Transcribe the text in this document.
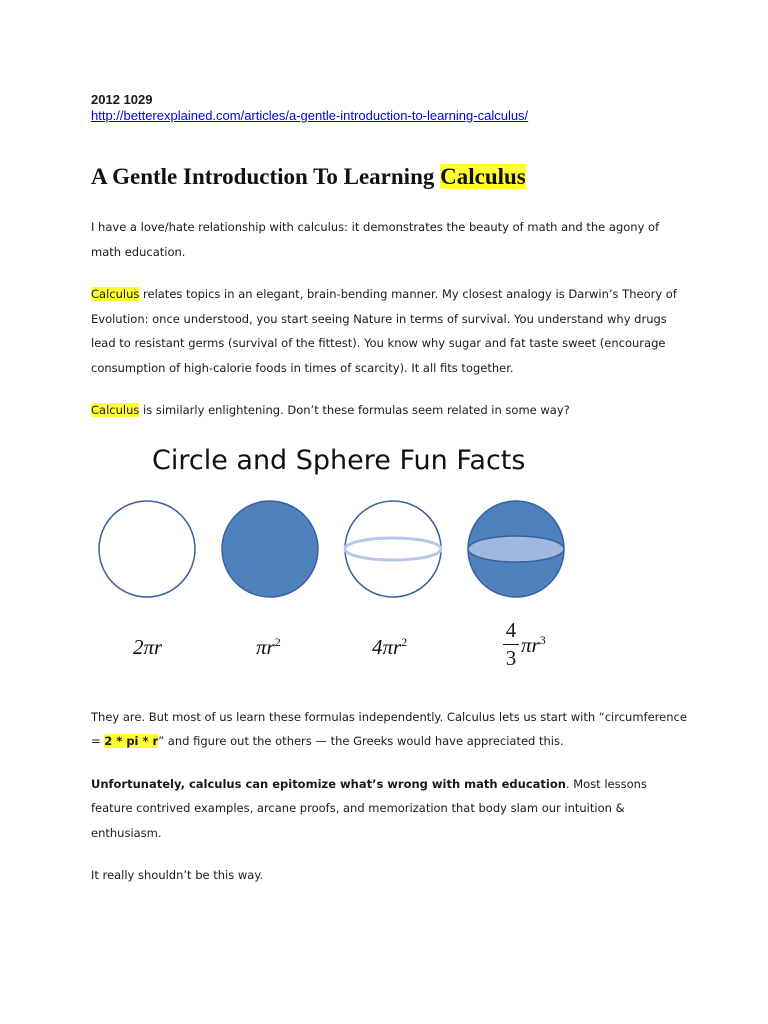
2012 1029
http://betterexplained.com/articles/a-gentle-introduction-to-learning-calculus/
A Gentle Introduction To Learning Calculus

I have a love/hate relationship with calculus: it demonstrates the beauty of math and the agony of math education.

Calculus relates topics in an elegant, brain-bending manner. My closest analogy is Darwin’s Theory of Evolution: once understood, you start seeing Nature in terms of survival. You understand why drugs lead to resistant germs (survival of the fittest). You know why sugar and fat taste sweet (encourage consumption of high-calorie foods in times of scarcity). It all fits together.

Calculus is similarly enlightening. Don’t these formulas seem related in some way?

Circle and Sphere Fun Facts
2πr	$\pi r^2$	$4\pi r^2$	4
3
$\pi r^3$

They are. But most of us learn these formulas independently. Calculus lets us start with “circumference = 2 * pi * r” and figure out the others — the Greeks would have appreciated this.

Unfortunately, calculus can epitomize what’s wrong with math education. Most lessons feature contrived examples, arcane proofs, and memorization that body slam our intuition & enthusiasm.

It really shouldn’t be this way.
